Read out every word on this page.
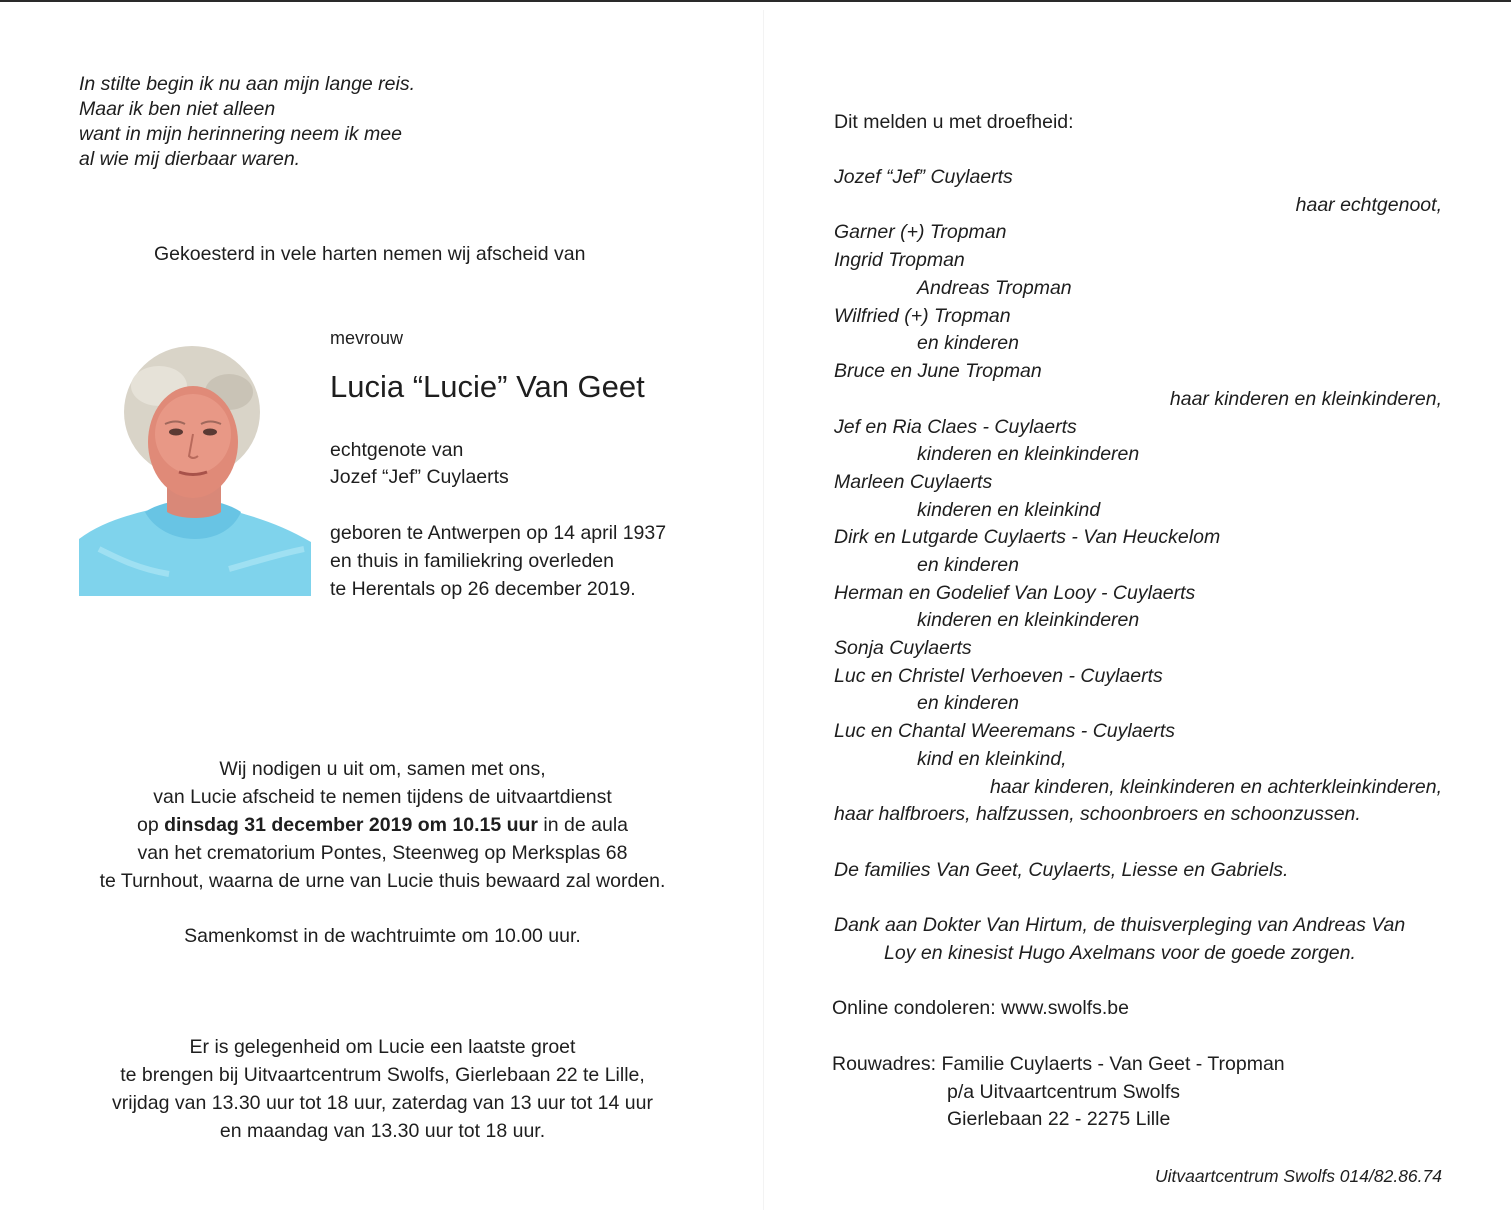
In stilte begin ik nu aan mijn lange reis.
Maar ik ben niet alleen
want in mijn herinnering neem ik mee
al wie mij dierbaar waren.
Gekoesterd in vele harten nemen wij afscheid van
mevrouw
Lucia “Lucie” Van Geet
echtgenote van
Jozef “Jef” Cuylaerts
geboren te Antwerpen op 14 april 1937
en thuis in familiekring overleden
te Herentals op 26 december 2019.
Wij nodigen u uit om, samen met ons,
van Lucie afscheid te nemen tijdens de uitvaartdienst
op dinsdag 31 december 2019 om 10.15 uur in de aula
van het crematorium Pontes, Steenweg op Merksplas 68
te Turnhout, waarna de urne van Lucie thuis bewaard zal worden.
Samenkomst in de wachtruimte om 10.00 uur.
Er is gelegenheid om Lucie een laatste groet
te brengen bij Uitvaartcentrum Swolfs, Gierlebaan 22 te Lille,
vrijdag van 13.30 uur tot 18 uur, zaterdag van 13 uur tot 14 uur
en maandag van 13.30 uur tot 18 uur.
Dit melden u met droefheid:
Jozef “Jef” Cuylaerts
haar echtgenoot,
Garner (+) Tropman
Ingrid Tropman
Andreas Tropman
Wilfried (+) Tropman
en kinderen
Bruce en June Tropman
haar kinderen en kleinkinderen,
Jef en Ria Claes - Cuylaerts
kinderen en kleinkinderen
Marleen Cuylaerts
kinderen en kleinkind
Dirk en Lutgarde Cuylaerts - Van Heuckelom
en kinderen
Herman en Godelief Van Looy - Cuylaerts
kinderen en kleinkinderen
Sonja Cuylaerts
Luc en Christel Verhoeven - Cuylaerts
en kinderen
Luc en Chantal Weeremans - Cuylaerts
kind en kleinkind,
haar kinderen, kleinkinderen en achterkleinkinderen,
haar halfbroers, halfzussen, schoonbroers en schoonzussen.
De families Van Geet, Cuylaerts, Liesse en Gabriels.
Dank aan Dokter Van Hirtum, de thuisverpleging van Andreas Van
Loy en kinesist Hugo Axelmans voor de goede zorgen.
Online condoleren: www.swolfs.be
Rouwadres: Familie Cuylaerts - Van Geet - Tropman
p/a Uitvaartcentrum Swolfs
Gierlebaan 22 - 2275 Lille
Uitvaartcentrum Swolfs 014/82.86.74
